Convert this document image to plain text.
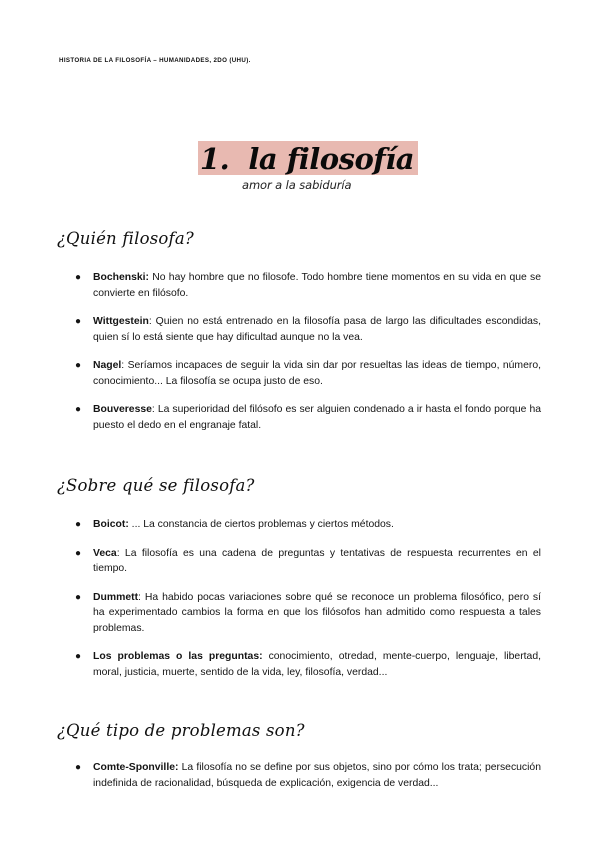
HISTORIA DE LA FILOSOFÍA – HUMANIDADES, 2DO (UHU).
1.  la filosofía
amor a la sabiduría
¿Quién filosofa?
● Bochenski: No hay hombre que no filosofe. Todo hombre tiene momentos en su vida en que se convierte en filósofo.
● Wittgestein: Quien no está entrenado en la filosofía pasa de largo las dificultades escondidas, quien sí lo está siente que hay dificultad aunque no la vea.
● Nagel: Seríamos incapaces de seguir la vida sin dar por resueltas las ideas de tiempo, número, conocimiento... La filosofía se ocupa justo de eso.
● Bouveresse: La superioridad del filósofo es ser alguien condenado a ir hasta el fondo porque ha puesto el dedo en el engranaje fatal.
¿Sobre qué se filosofa?
● Boicot: ... La constancia de ciertos problemas y ciertos métodos.
● Veca: La filosofía es una cadena de preguntas y tentativas de respuesta recurrentes en el tiempo.
● Dummett: Ha habido pocas variaciones sobre qué se reconoce un problema filosófico, pero sí ha experimentado cambios la forma en que los filósofos han admitido como respuesta a tales problemas.
● Los problemas o las preguntas: conocimiento, otredad, mente-cuerpo, lenguaje, libertad, moral, justicia, muerte, sentido de la vida, ley, filosofía, verdad...
¿Qué tipo de problemas son?
● Comte-Sponville: La filosofía no se define por sus objetos, sino por cómo los trata; persecución indefinida de racionalidad, búsqueda de explicación, exigencia de verdad...
